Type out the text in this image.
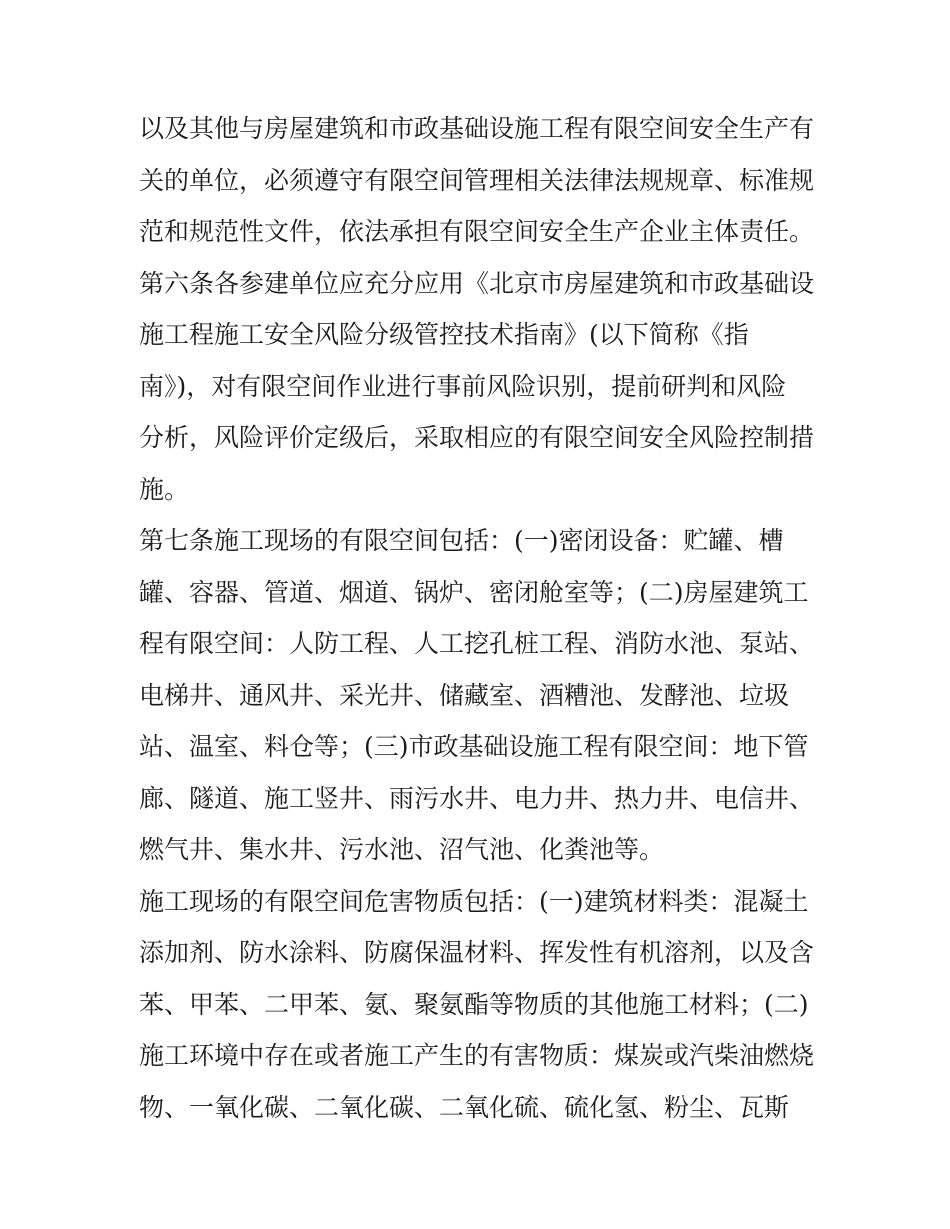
以及其他与房屋建筑和市政基础设施工程有限空间安全生产有
关的单位，必须遵守有限空间管理相关法律法规规章、标准规
范和规范性文件，依法承担有限空间安全生产企业主体责任。
第六条各参建单位应充分应用《北京市房屋建筑和市政基础设
施工程施工安全风险分级管控技术指南》(以下简称《指
南》)，对有限空间作业进行事前风险识别，提前研判和风险
分析，风险评价定级后，采取相应的有限空间安全风险控制措
施。
第七条施工现场的有限空间包括：(一)密闭设备：贮罐、槽
罐、容器、管道、烟道、锅炉、密闭舱室等；(二)房屋建筑工
程有限空间：人防工程、人工挖孔桩工程、消防水池、泵站、
电梯井、通风井、采光井、储藏室、酒糟池、发酵池、垃圾
站、温室、料仓等；(三)市政基础设施工程有限空间：地下管
廊、隧道、施工竖井、雨污水井、电力井、热力井、电信井、
燃气井、集水井、污水池、沼气池、化粪池等。
施工现场的有限空间危害物质包括：(一)建筑材料类：混凝土
添加剂、防水涂料、防腐保温材料、挥发性有机溶剂，以及含
苯、甲苯、二甲苯、氨、聚氨酯等物质的其他施工材料；(二)
施工环境中存在或者施工产生的有害物质：煤炭或汽柴油燃烧
物、一氧化碳、二氧化碳、二氧化硫、硫化氢、粉尘、瓦斯
